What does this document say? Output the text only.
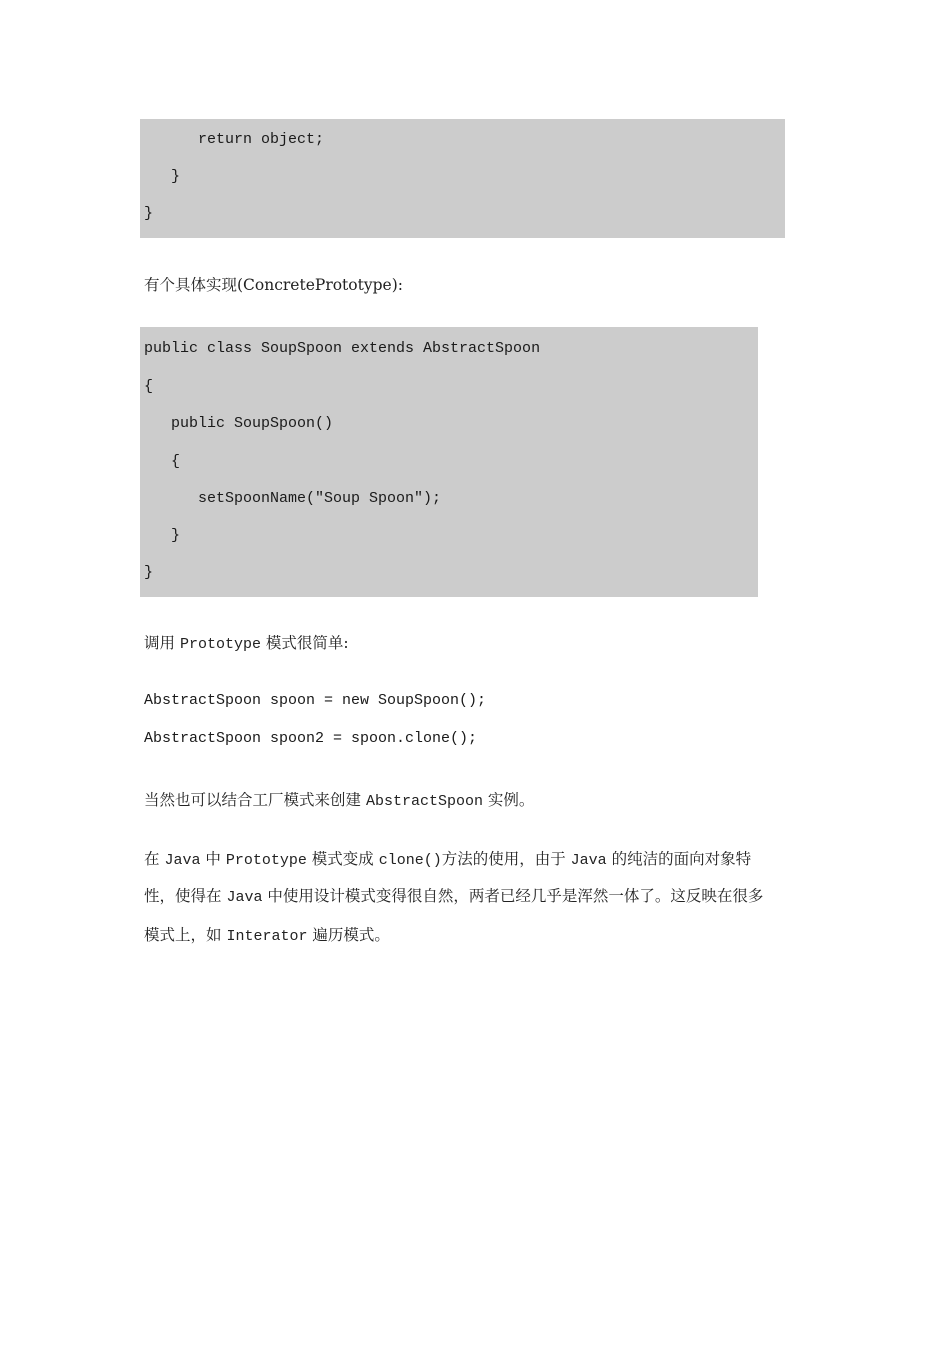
return object;
}
}
有个具体实现(ConcretePrototype):
public class SoupSpoon extends AbstractSpoon
{
public SoupSpoon()
{
setSpoonName("Soup Spoon");
}
}
调用 Prototype 模式很简单:
AbstractSpoon spoon = new SoupSpoon();
AbstractSpoon spoon2 = spoon.clone();
当然也可以结合工厂模式来创建 AbstractSpoon 实例。
在 Java 中 Prototype 模式变成 clone()方法的使用，由于 Java 的纯洁的面向对象特
性，使得在 Java 中使用设计模式变得很自然，两者已经几乎是浑然一体了。这反映在很多
模式上，如 Interator 遍历模式。
